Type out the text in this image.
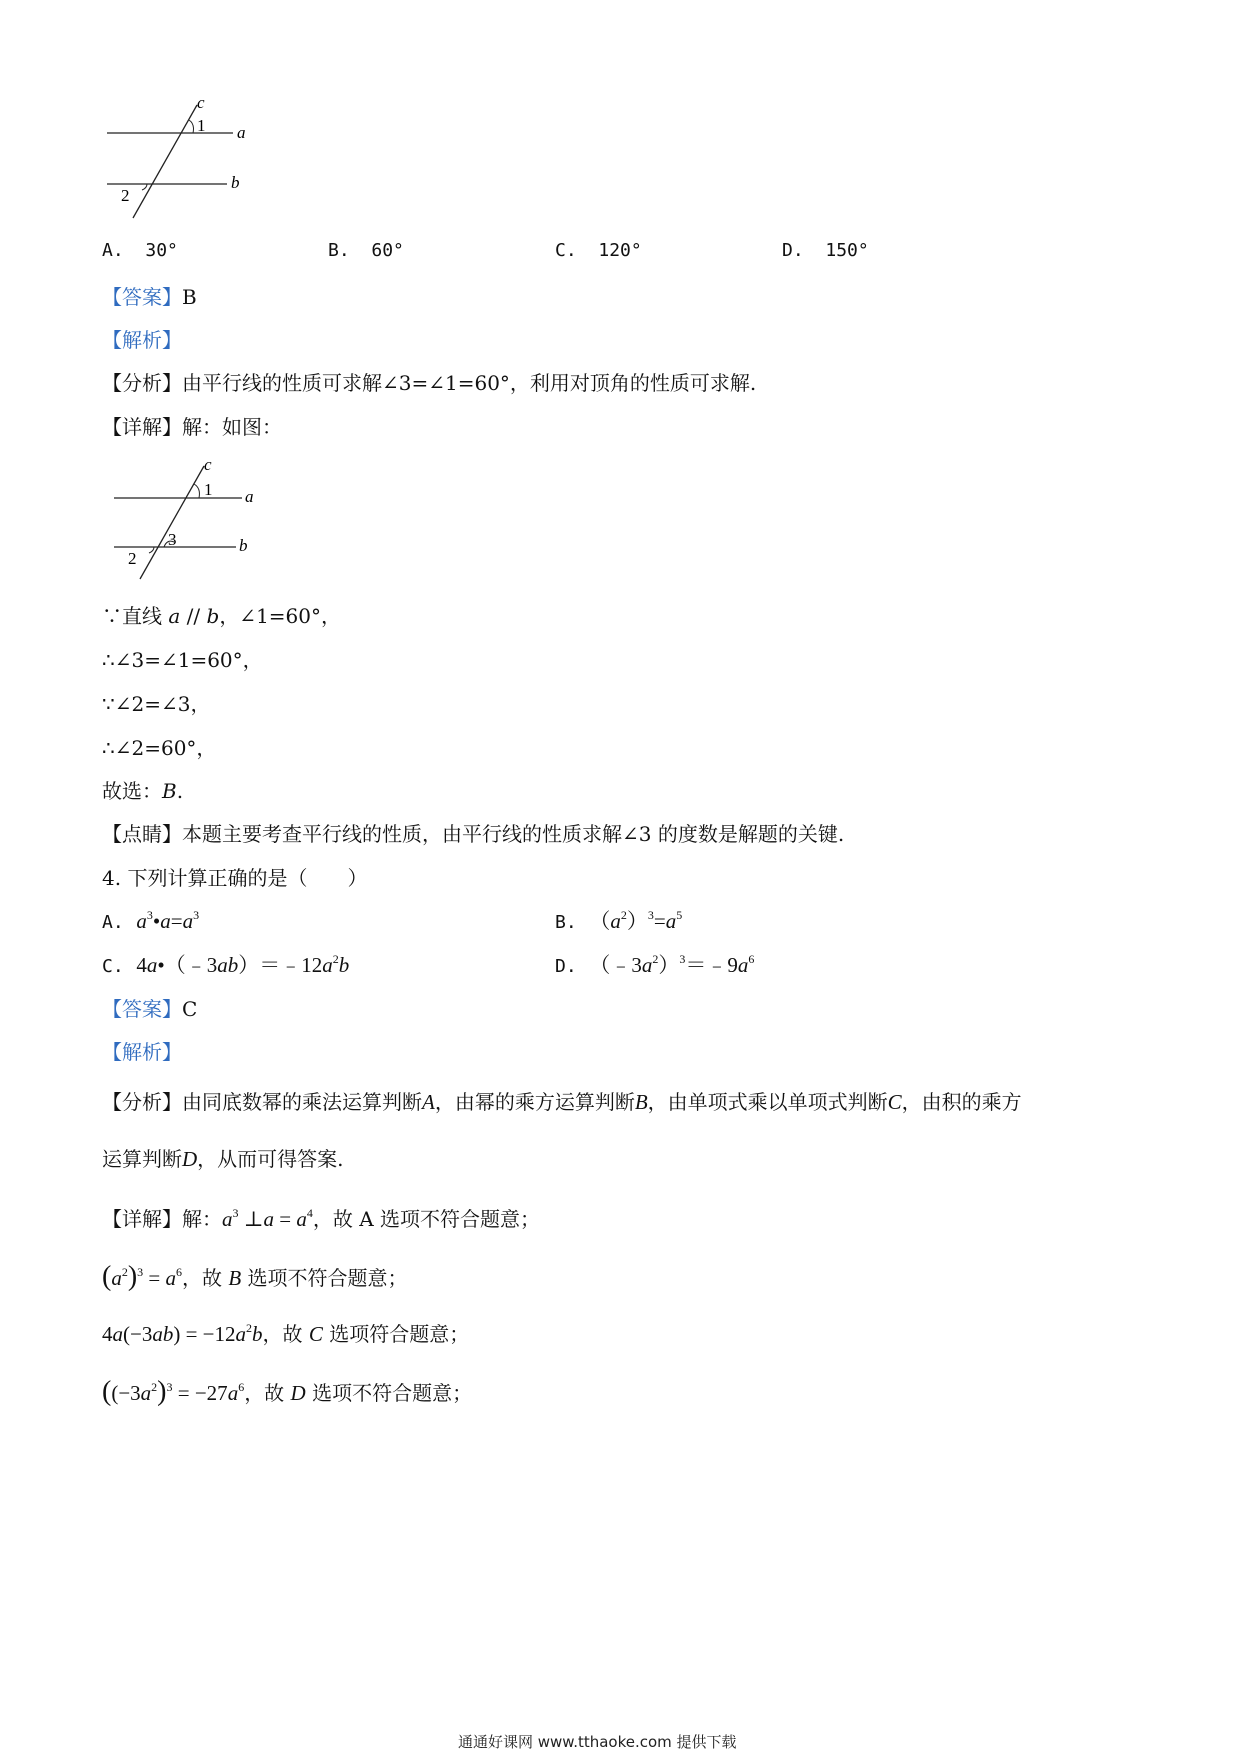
c
1 a
b
2
A. 30°	B. 60°	C. 120°	D. 150°
【答案】B
【解析】
【分析】由平行线的性质可求解∠3=∠1=60°，利用对顶角的性质可求解.
【详解】解：如图：
c
1 a
3	b
2
∵直线 a // b，∠1=60°，
∴∠3=∠1=60°，
∵∠2=∠3，
∴∠2=60°，
故选：B.
【点睛】本题主要考查平行线的性质，由平行线的性质求解∠3 的度数是解题的关键.
4. 下列计算正确的是（　　）
A. $a^3•a=a^3$	B. $(a^2)^3=a^5$
C. $4a•(﹣3ab)=﹣12a^2b$	D. $(﹣3a^2)^3=﹣9a^6$
【答案】C
【解析】
【分析】由同底数幂的乘法运算判断A，由幂的乘方运算判断B，由单项式乘以单项式判断C，由积的乘方
运算判断D，从而可得答案.
【详解】解：$a^3$ ⊥a = $a^4$，故 A 选项不符合题意；
$(a^2)^3 = a^6$，故 B 选项不符合题意；
$4a(-3ab) = -12a^2b$，故 C 选项符合题意；
($(-3a^2)^3 = -27a^6$，故 D 选项不符合题意；
通通好课网 www.tthaoke.com 提供下载
